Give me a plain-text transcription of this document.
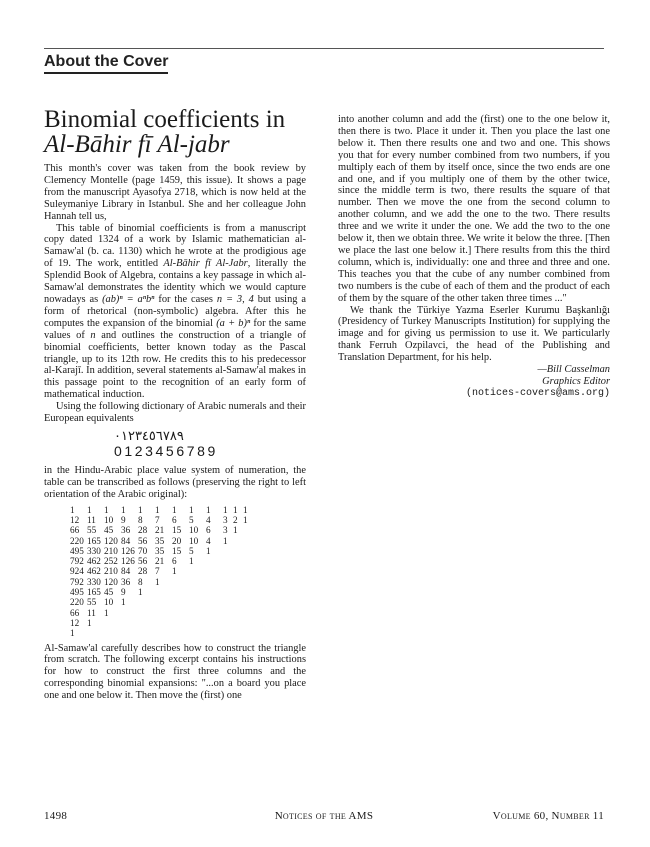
About the Cover
Binomial coefficients in
Al-Bāhir fī Al-jabr

This month's cover was taken from the book review by Clemency Montelle (page 1459, this issue). It shows a page from the manuscript Ayasofya 2718, which is now held at the Suleymaniye Library in Istanbul. She and her colleague John Hannah tell us,

This table of binomial coefficients is from a manuscript copy dated 1324 of a work by Islamic mathematician al-Samaw'al (b. ca. 1130) which he wrote at the prodigious age of 19. The work, entitled Al-Bāhir fī Al-Jabr, literally the Splendid Book of Algebra, contains a key passage in which al-Samaw'al demonstrates the identity which we would capture nowadays as (ab)ⁿ = aⁿbⁿ for the cases n = 3, 4 but using a form of rhetorical (non-symbolic) algebra. After this he computes the expansion of the binomial (a + b)ⁿ for the same values of n and outlines the construction of a triangle of binomial coefficients, better known today as the Pascal triangle, up to its 12th row. He credits this to his predecessor al-Karajī. In addition, several statements al-Samaw'al makes in this passage point to the recognition of an early form of mathematical induction.

Using the following dictionary of Arabic numerals and their European equivalents

٠١٢٣٤٥٦٧٨٩
0123456789

in the Hindu-Arabic place value system of numeration, the table can be transcribed as follows (preserving the right to left orientation of the Arabic original):

1	1	1	1	1	1	1	1	1	1	1	1
12	11	10	9	8	7	6	5	4	3	2	1
66	55	45	36	28	21	15	10	6	3	1	
220	165	120	84	56	35	20	10	4	1		
495	330	210	126	70	35	15	5	1			
792	462	252	126	56	21	6	1				
924	462	210	84	28	7	1					
792	330	120	36	8	1						
495	165	45	9	1							
220	55	10	1								
66	11	1									
12	1										
1											

Al-Samaw'al carefully describes how to construct the triangle from scratch. The following excerpt contains his instructions for how to construct the first three columns and the corresponding binomial expansions: "...on a board you place one and one below it. Then move the (first) one

into another column and add the (first) one to the one below it, then there is two. Place it under it. Then you place the last one below it. Then there results one and two and one. This shows you that for every number combined from two numbers, if you multiply each of them by itself once, since the two ends are one and one, and if you multiply one of them by the other twice, since the middle term is two, there results the square of that number. Then we move the one from the second column to another column, and we add the one to the two. There results three and we write it under the one. We add the two to the one below it, then we obtain three. We write it below the three. [Then we place the last one below it.] There results from this the third column, which is, individually: one and three and three and one. This teaches you that the cube of any number combined from two numbers is the cube of each of them and the product of each of them by the square of the other taken three times ..."

We thank the Türkiye Yazma Eserler Kurumu Başkanlığı (Presidency of Turkey Manuscripts Institution) for supplying the image and for giving us permission to use it. We particularly thank Ferruh Ozpilavci, the head of the Publishing and Translation Department, for his help.

—Bill Casselman

Graphics Editor

(notices-covers@ams.org)

1498	Notices of the AMS	Volume 60, Number 11
